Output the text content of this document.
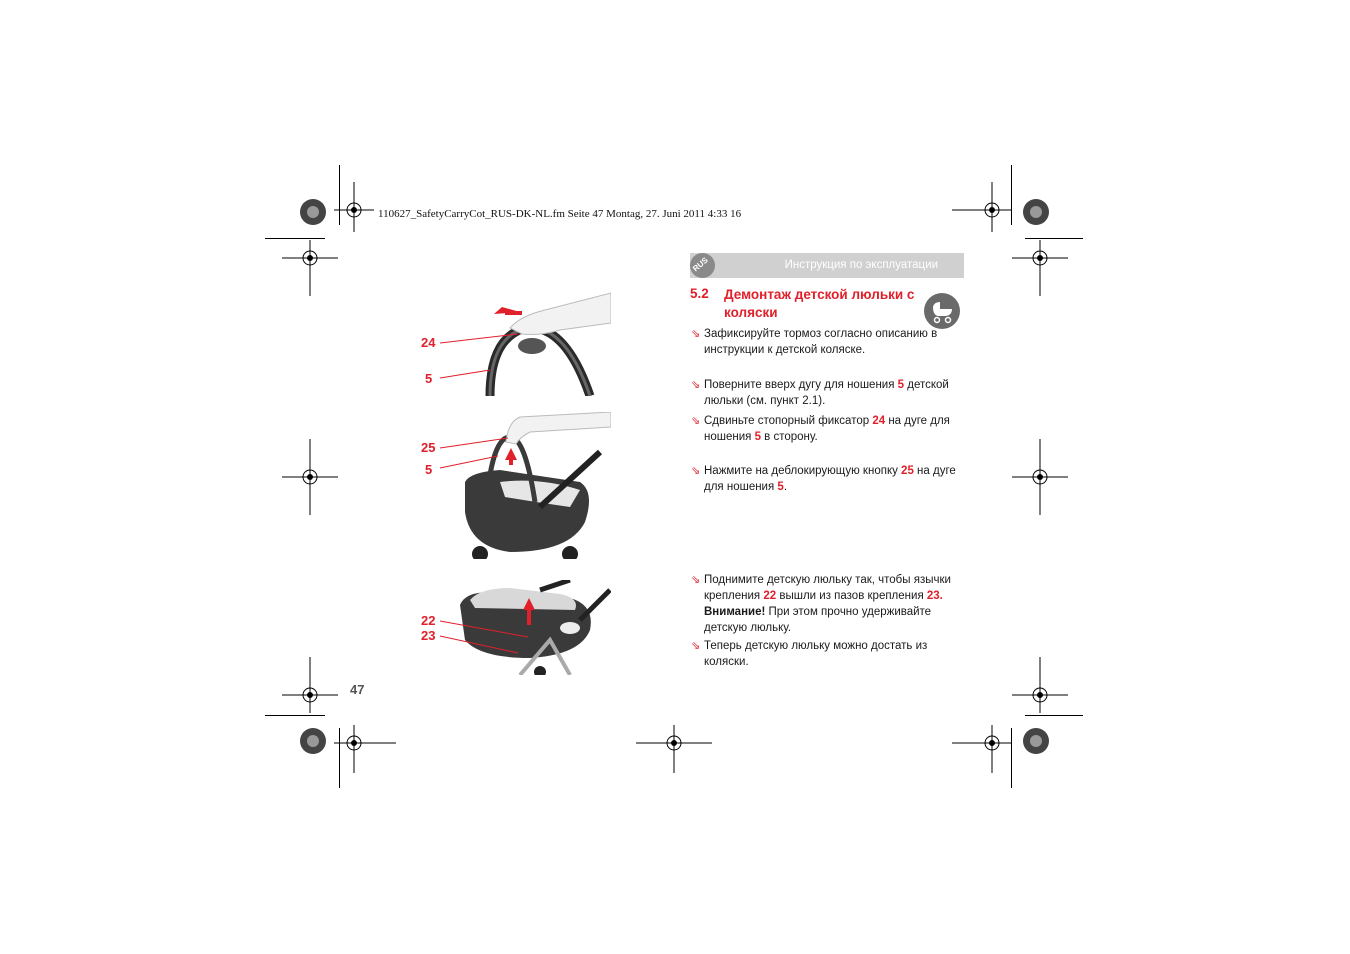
110627_SafetyCarryCot_RUS-DK-NL.fm Seite 47 Montag, 27. Juni 2011 4:33 16
Инструкция по эксплуатации
RUS
5.2 Демонтаж детской люльки с коляски
⇘ Зафиксируйте тормоз согласно описанию в инструкции к детской коляске.
⇘ Поверните вверх дугу для ношения 5 детской люльки (см. пункт 2.1).
⇘ Сдвиньте стопорный фиксатор 24 на дуге для ношения 5 в сторону.
⇘ Нажмите на деблокирующую кнопку 25 на дуге для ношения 5.
⇘ Поднимите детскую люльку так, чтобы язычки крепления 22 вышли из пазов крепления 23.
Внимание! При этом прочно удерживайте детскую люльку.
⇘ Теперь детскую люльку можно достать из коляски.
24
5
25
5
22
23
47
